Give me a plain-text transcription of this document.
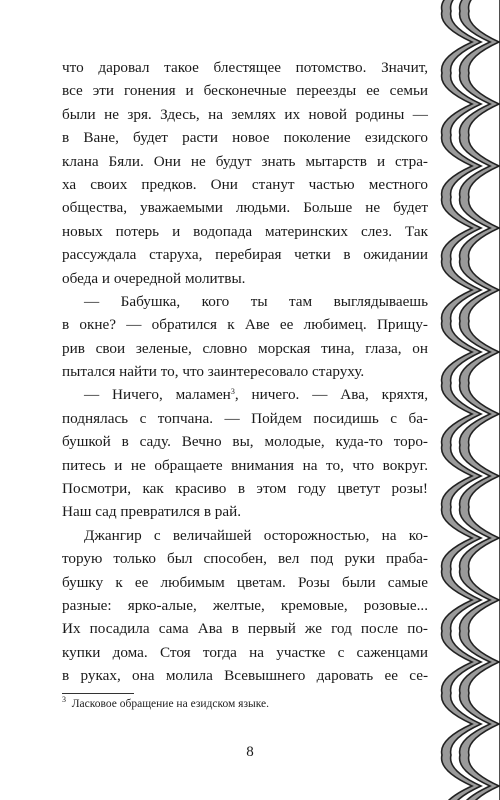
что даровал такое блестящее потомство. Значит,
все эти гонения и бесконечные переезды ее семьи
были не зря. Здесь, на землях их новой родины —
в Ване, будет расти новое поколение езидского
клана Бяли. Они не будут знать мытарств и стра-
ха своих предков. Они станут частью местного
общества, уважаемыми людьми. Больше не будет
новых потерь и водопада материнских слез. Так
рассуждала старуха, перебирая четки в ожидании
обеда и очередной молитвы.
— Бабушка, кого ты там выглядываешь
в окне? — обратился к Аве ее любимец. Прищу-
рив свои зеленые, словно морская тина, глаза, он
пытался найти то, что заинтересовало старуху.
— Ничего, маламен$^3$, ничего. — Ава, кряхтя,
поднялась с топчана. — Пойдем посидишь с ба-
бушкой в саду. Вечно вы, молодые, куда-то торо-
питесь и не обращаете внимания на то, что вокруг.
Посмотри, как красиво в этом году цветут розы!
Наш сад превратился в рай.
Джангир с величайшей осторожностью, на ко-
торую только был способен, вел под руки праба-
бушку к ее любимым цветам. Розы были самые
разные: ярко-алые, желтые, кремовые, розовые...
Их посадила сама Ава в первый же год после по-
купки дома. Стоя тогда на участке с саженцами
в руках, она молила Всевышнего даровать ее се-
$^3$ Ласковое обращение на езидском языке.
8
